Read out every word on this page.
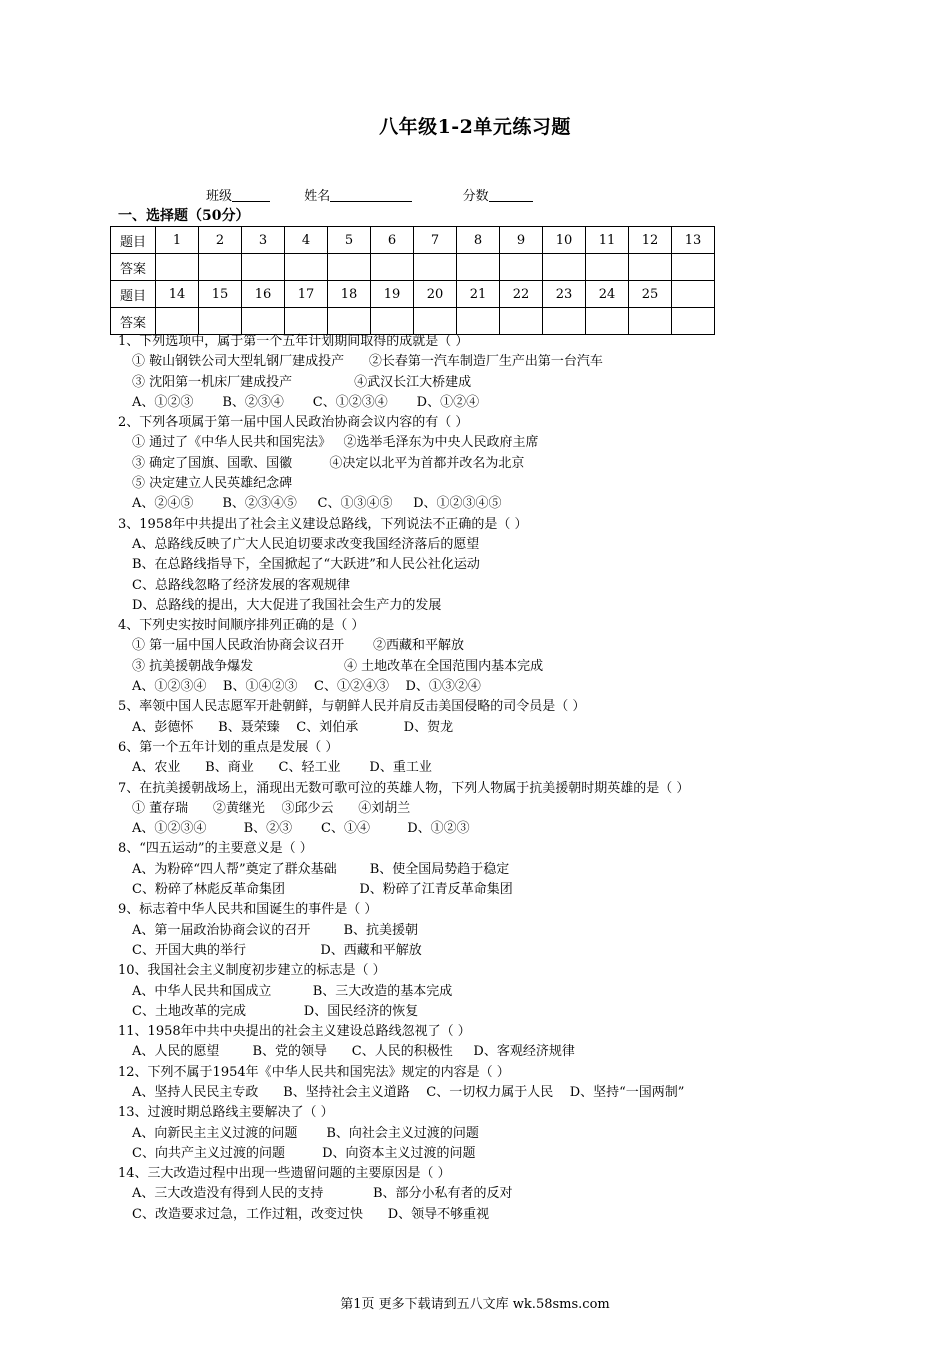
八年级1-2单元练习题
班级	姓名	分数
一、选择题（50分）
题目	1	2	3	4	5	6	7	8	9	10	11	12	13
答案													
题目	14	15	16	17	18	19	20	21	22	23	24	25	
答案													
1、下列选项中，属于第一个五年计划期间取得的成就是（ ）
① 鞍山钢铁公司大型轧钢厂建成投产      ②长春第一汽车制造厂生产出第一台汽车
③ 沈阳第一机床厂建成投产               ④武汉长江大桥建成
A、①②③       B、②③④       C、①②③④       D、①②④
2、下列各项属于第一届中国人民政治协商会议内容的有（ ）
① 通过了《中华人民共和国宪法》   ②选举毛泽东为中央人民政府主席
③ 确定了国旗、国歌、国徽         ④决定以北平为首都并改名为北京
⑤ 决定建立人民英雄纪念碑
A、②④⑤       B、②③④⑤     C、①③④⑤     D、①②③④⑤
3、1958年中共提出了社会主义建设总路线，下列说法不正确的是（ ）
A、总路线反映了广大人民迫切要求改变我国经济落后的愿望
B、在总路线指导下，全国掀起了“大跃进”和人民公社化运动
C、总路线忽略了经济发展的客观规律
D、总路线的提出，大大促进了我国社会生产力的发展
4、下列史实按时间顺序排列正确的是（ ）
① 第一届中国人民政治协商会议召开       ②西藏和平解放
③ 抗美援朝战争爆发                      ④ 土地改革在全国范围内基本完成
A、①②③④    B、①④②③    C、①②④③    D、①③②④
5、率领中国人民志愿军开赴朝鲜，与朝鲜人民并肩反击美国侵略的司令员是（ ）
A、彭德怀      B、聂荣臻    C、刘伯承           D、贺龙
6、第一个五年计划的重点是发展（ ）
A、农业      B、商业      C、轻工业       D、重工业
7、在抗美援朝战场上，涌现出无数可歌可泣的英雄人物，下列人物属于抗美援朝时期英雄的是（ ）
① 董存瑞      ②黄继光    ③邱少云      ④刘胡兰
A、①②③④         B、②③       C、①④         D、①②③
8、“四五运动”的主要意义是（ ）
A、为粉碎“四人帮”奠定了群众基础        B、使全国局势趋于稳定
C、粉碎了林彪反革命集团                  D、粉碎了江青反革命集团
9、标志着中华人民共和国诞生的事件是（ ）
A、第一届政治协商会议的召开        B、抗美援朝
C、开国大典的举行                  D、西藏和平解放
10、我国社会主义制度初步建立的标志是（ ）
A、中华人民共和国成立          B、三大改造的基本完成
C、土地改革的完成              D、国民经济的恢复
11、1958年中共中央提出的社会主义建设总路线忽视了（ ）
A、人民的愿望        B、党的领导      C、人民的积极性     D、客观经济规律
12、下列不属于1954年《中华人民共和国宪法》规定的内容是（ ）
A、坚持人民民主专政      B、坚持社会主义道路    C、一切权力属于人民    D、坚持“一国两制”
13、过渡时期总路线主要解决了（ ）
A、向新民主主义过渡的问题       B、向社会主义过渡的问题
C、向共产主义过渡的问题         D、向资本主义过渡的问题
14、三大改造过程中出现一些遗留问题的主要原因是（ ）
A、三大改造没有得到人民的支持            B、部分小私有者的反对
C、改造要求过急，工作过粗，改变过快      D、领导不够重视
第1页 更多下载请到五八文库 wk.58sms.com
